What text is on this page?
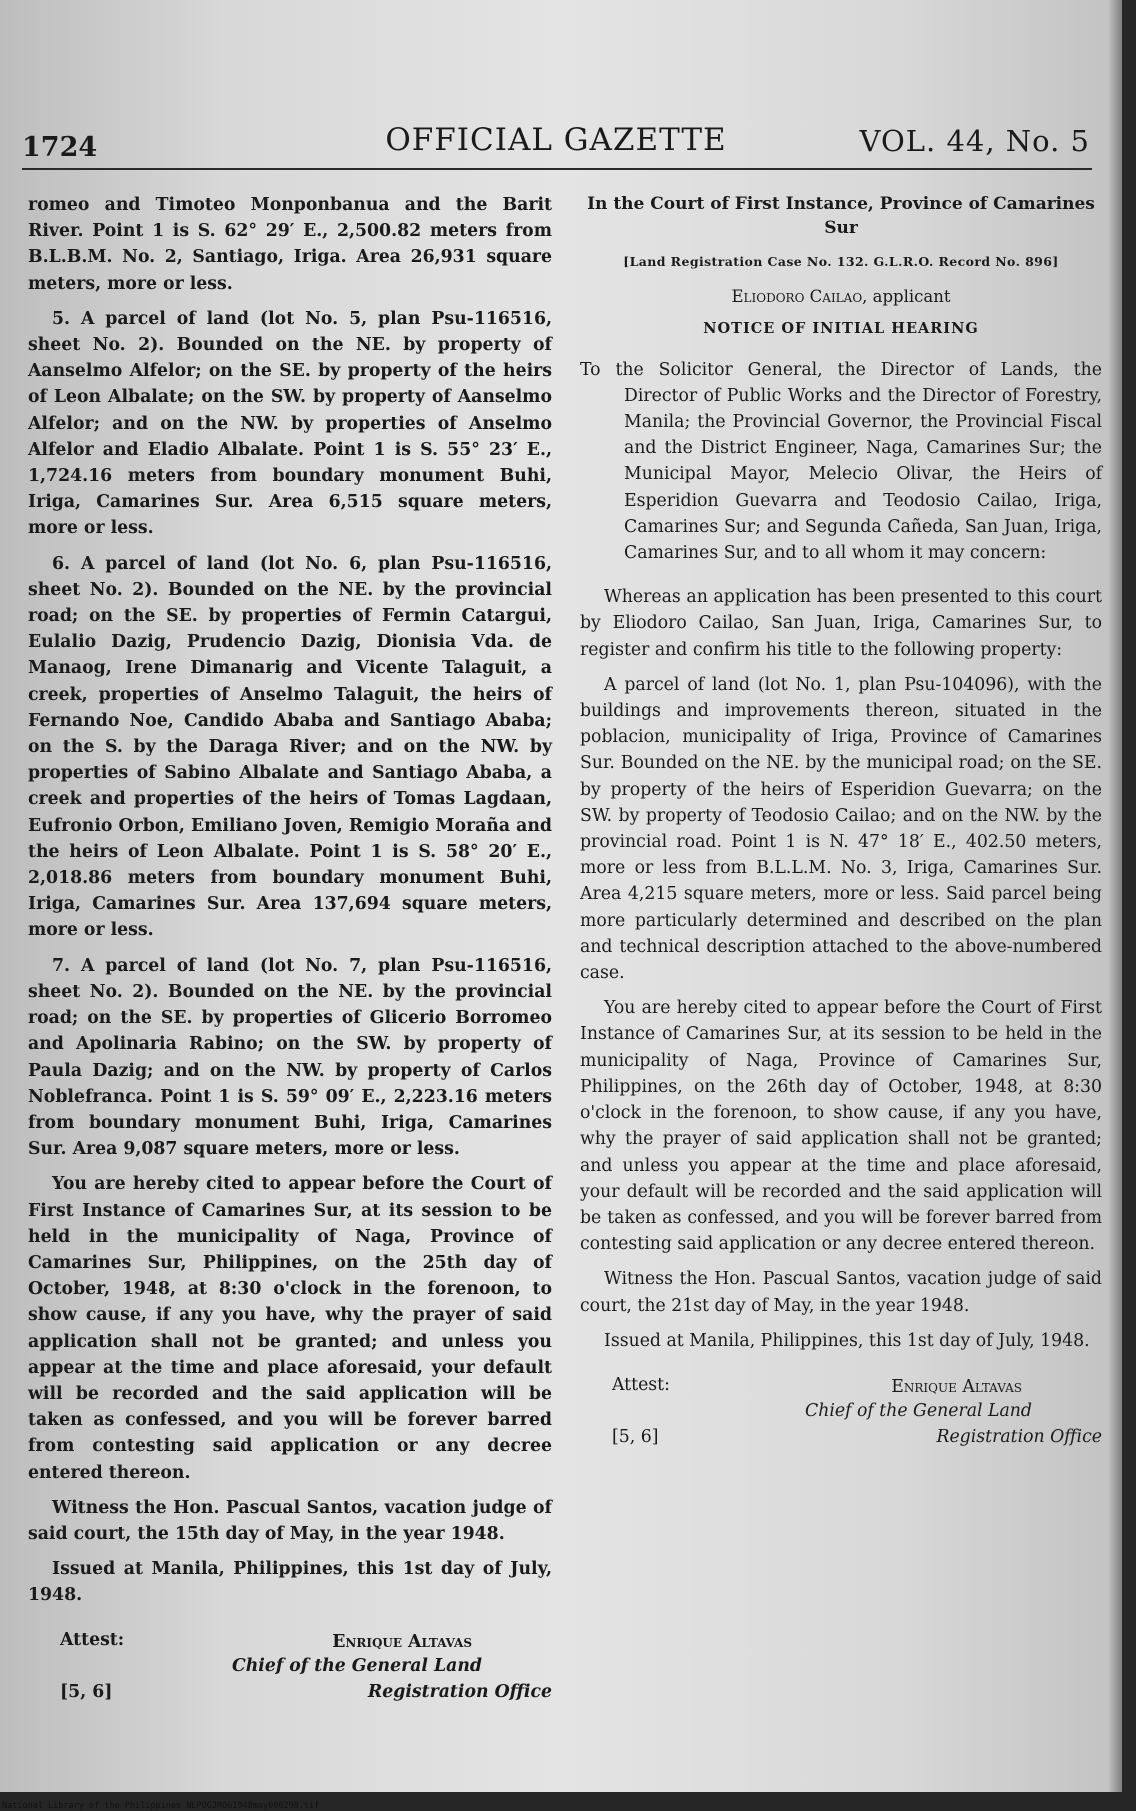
1724	OFFICIAL GAZETTE	VOL. 44, No. 5

romeo and Timoteo Monponbanua and the Barit River. Point 1 is S. 62° 29′ E., 2,500.82 meters from B.L.B.M. No. 2, Santiago, Iriga. Area 26,931 square meters, more or less.

5. A parcel of land (lot No. 5, plan Psu-116516, sheet No. 2). Bounded on the NE. by property of Aanselmo Alfelor; on the SE. by property of the heirs of Leon Albalate; on the SW. by property of Aanselmo Alfelor; and on the NW. by properties of Anselmo Alfelor and Eladio Albalate. Point 1 is S. 55° 23′ E., 1,724.16 meters from boundary monument Buhi, Iriga, Camarines Sur. Area 6,515 square meters, more or less.

6. A parcel of land (lot No. 6, plan Psu-116516, sheet No. 2). Bounded on the NE. by the provincial road; on the SE. by properties of Fermin Catargui, Eulalio Dazig, Prudencio Dazig, Dionisia Vda. de Manaog, Irene Dimanarig and Vicente Talaguit, a creek, properties of Anselmo Talaguit, the heirs of Fernando Noe, Candido Ababa and Santiago Ababa; on the S. by the Daraga River; and on the NW. by properties of Sabino Albalate and Santiago Ababa, a creek and properties of the heirs of Tomas Lagdaan, Eufronio Orbon, Emiliano Joven, Remigio Moraña and the heirs of Leon Albalate. Point 1 is S. 58° 20′ E., 2,018.86 meters from boundary monument Buhi, Iriga, Camarines Sur. Area 137,694 square meters, more or less.

7. A parcel of land (lot No. 7, plan Psu-116516, sheet No. 2). Bounded on the NE. by the provincial road; on the SE. by properties of Glicerio Borromeo and Apolinaria Rabino; on the SW. by property of Paula Dazig; and on the NW. by property of Carlos Noblefranca. Point 1 is S. 59° 09′ E., 2,223.16 meters from boundary monument Buhi, Iriga, Camarines Sur. Area 9,087 square meters, more or less.

You are hereby cited to appear before the Court of First Instance of Camarines Sur, at its session to be held in the municipality of Naga, Province of Camarines Sur, Philippines, on the 25th day of October, 1948, at 8:30 o'clock in the forenoon, to show cause, if any you have, why the prayer of said application shall not be granted; and unless you appear at the time and place aforesaid, your default will be recorded and the said application will be taken as confessed, and you will be forever barred from contesting said application or any decree entered thereon.

Witness the Hon. Pascual Santos, vacation judge of said court, the 15th day of May, in the year 1948.

Issued at Manila, Philippines, this 1st day of July, 1948.

Attest:	Enrique Altavas
Chief of the General Land
Registration Office
[5, 6]

In the Court of First Instance, Province of Camarines Sur

[Land Registration Case No. 132. G.L.R.O. Record No. 896]

Eliodoro Cailao, applicant

NOTICE OF INITIAL HEARING

To the Solicitor General, the Director of Lands, the Director of Public Works and the Director of Forestry, Manila; the Provincial Governor, the Provincial Fiscal and the District Engineer, Naga, Camarines Sur; the Municipal Mayor, Melecio Olivar, the Heirs of Esperidion Guevarra and Teodosio Cailao, Iriga, Camarines Sur; and Segunda Cañeda, San Juan, Iriga, Camarines Sur, and to all whom it may concern:

Whereas an application has been presented to this court by Eliodoro Cailao, San Juan, Iriga, Camarines Sur, to register and confirm his title to the following property:

A parcel of land (lot No. 1, plan Psu-104096), with the buildings and improvements thereon, situated in the poblacion, municipality of Iriga, Province of Camarines Sur. Bounded on the NE. by the municipal road; on the SE. by property of the heirs of Esperidion Guevarra; on the SW. by property of Teodosio Cailao; and on the NW. by the provincial road. Point 1 is N. 47° 18′ E., 402.50 meters, more or less from B.L.L.M. No. 3, Iriga, Camarines Sur. Area 4,215 square meters, more or less. Said parcel being more particularly determined and described on the plan and technical description attached to the above-numbered case.

You are hereby cited to appear before the Court of First Instance of Camarines Sur, at its session to be held in the municipality of Naga, Province of Camarines Sur, Philippines, on the 26th day of October, 1948, at 8:30 o'clock in the forenoon, to show cause, if any you have, why the prayer of said application shall not be granted; and unless you appear at the time and place aforesaid, your default will be recorded and the said application will be taken as confessed, and you will be forever barred from contesting said application or any decree entered thereon.

Witness the Hon. Pascual Santos, vacation judge of said court, the 21st day of May, in the year 1948.

Issued at Manila, Philippines, this 1st day of July, 1948.

Attest:	Enrique Altavas
Chief of the General Land
Registration Office
[5, 6]
National Library of the Philippines NLPOGJROG1948may000298.tif
